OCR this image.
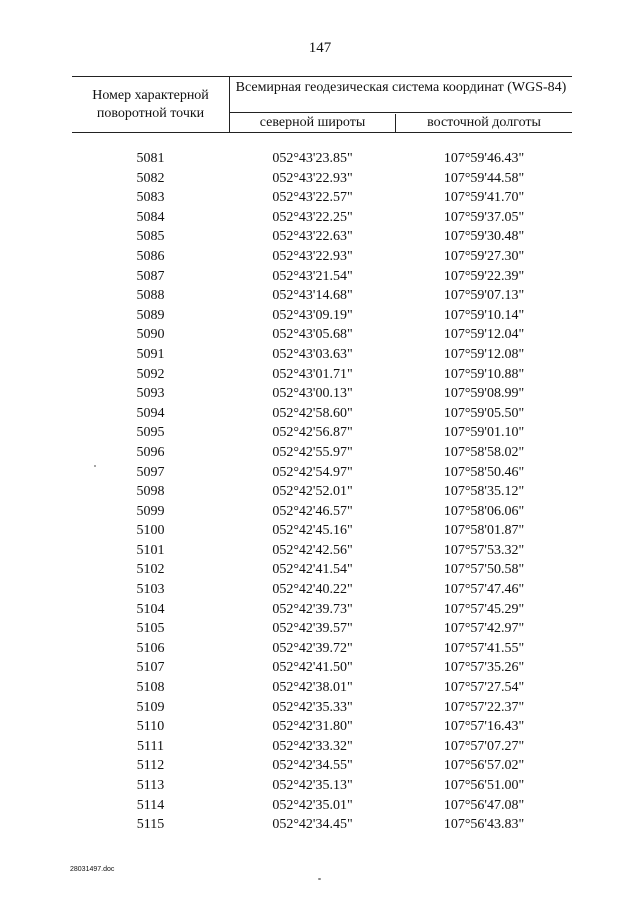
147
Номер характерной поворотной точки
Всемирная геодезическая система координат (WGS-84)
северной широты	восточной долготы
5081	052°43'23.85"	107°59'46.43"
5082	052°43'22.93"	107°59'44.58"
5083	052°43'22.57"	107°59'41.70"
5084	052°43'22.25"	107°59'37.05"
5085	052°43'22.63"	107°59'30.48"
5086	052°43'22.93"	107°59'27.30"
5087	052°43'21.54"	107°59'22.39"
5088	052°43'14.68"	107°59'07.13"
5089	052°43'09.19"	107°59'10.14"
5090	052°43'05.68"	107°59'12.04"
5091	052°43'03.63"	107°59'12.08"
5092	052°43'01.71"	107°59'10.88"
5093	052°43'00.13"	107°59'08.99"
5094	052°42'58.60"	107°59'05.50"
5095	052°42'56.87"	107°59'01.10"
5096	052°42'55.97"	107°58'58.02"
5097	052°42'54.97"	107°58'50.46"
5098	052°42'52.01"	107°58'35.12"
5099	052°42'46.57"	107°58'06.06"
5100	052°42'45.16"	107°58'01.87"
5101	052°42'42.56"	107°57'53.32"
5102	052°42'41.54"	107°57'50.58"
5103	052°42'40.22"	107°57'47.46"
5104	052°42'39.73"	107°57'45.29"
5105	052°42'39.57"	107°57'42.97"
5106	052°42'39.72"	107°57'41.55"
5107	052°42'41.50"	107°57'35.26"
5108	052°42'38.01"	107°57'27.54"
5109	052°42'35.33"	107°57'22.37"
5110	052°42'31.80"	107°57'16.43"
5111	052°42'33.32"	107°57'07.27"
5112	052°42'34.55"	107°56'57.02"
5113	052°42'35.13"	107°56'51.00"
5114	052°42'35.01"	107°56'47.08"
5115	052°42'34.45"	107°56'43.83"
28031497.doc
